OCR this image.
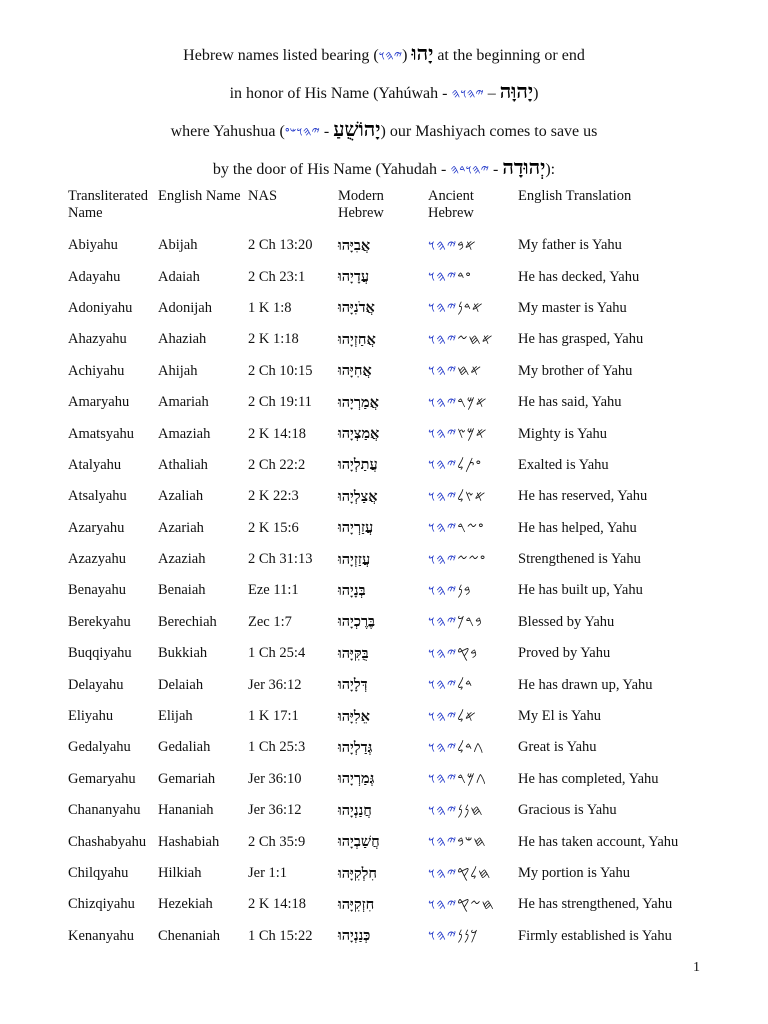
Hebrew names listed bearing יָהוּ (𐤉𐤄𐤅) at the beginning or end
in honor of His Name (Yahúwah - יָהוָּה – 𐤉𐤄𐤅𐤄	)
where Yahushua ( יָהוֹשֻׁעַ - 𐤉𐤄𐤅𐤔𐤏	) our Mashiyach comes to save us
by the door of His Name (Yahudah -	יְהוּדָה - 𐤉𐤄𐤅𐤃𐤄	):
Transliterated Name	English Name	NAS	Modern Hebrew	Ancient Hebrew	English Translation
Abiyahu	Abijah	2 Ch 13:20	אֲבִיָּהוּ	𐤀𐤁𐤉𐤄𐤅	My father is Yahu
Adayahu	Adaiah	2 Ch 23:1	עֲדָיָהוּ	𐤏𐤃𐤉𐤄𐤅	He has decked, Yahu
Adoniyahu	Adonijah	1 K 1:8	אֲדֹנִיָּהוּ	𐤀𐤃𐤍𐤉𐤄𐤅	My master is Yahu
Ahazyahu	Ahaziah	2 K 1:18	אֲחַזְיָהוּ	𐤀𐤇𐤆𐤉𐤄𐤅	He has grasped, Yahu
Achiyahu	Ahijah	2 Ch 10:15	אֲחִיָּהוּ	𐤀𐤇𐤉𐤄𐤅	My brother of Yahu
Amaryahu	Amariah	2 Ch 19:11	אֲמַרְיָהוּ	𐤀𐤌𐤓𐤉𐤄𐤅	He has said, Yahu
Amatsyahu	Amaziah	2 K 14:18	אֲמַצְיָהוּ	𐤀𐤌𐤑𐤉𐤄𐤅	Mighty is Yahu
Atalyahu	Athaliah	2 Ch 22:2	עֲתַלְיָהוּ	𐤏𐤕𐤋𐤉𐤄𐤅	Exalted is Yahu
Atsalyahu	Azaliah	2 K 22:3	אֲצַלְיָהוּ	𐤀𐤑𐤋𐤉𐤄𐤅	He has reserved, Yahu
Azaryahu	Azariah	2 K 15:6	עֲזַרְיָהוּ	𐤏𐤆𐤓𐤉𐤄𐤅	He has helped, Yahu
Azazyahu	Azaziah	2 Ch 31:13	עֲזַזְיָהוּ	𐤏𐤆𐤆𐤉𐤄𐤅	Strengthened is Yahu
Benayahu	Benaiah	Eze 11:1	בְּנָיָהוּ	𐤁𐤍𐤉𐤄𐤅	He has built up, Yahu
Berekyahu	Berechiah	Zec 1:7	בֶּרֶכְיָהוּ	𐤁𐤓𐤊𐤉𐤄𐤅	Blessed by Yahu
Buqqiyahu	Bukkiah	1 Ch 25:4	בֻּקִּיָּהוּ	𐤁𐤒𐤉𐤄𐤅	Proved by Yahu
Delayahu	Delaiah	Jer 36:12	דְּלָיָהוּ	𐤃𐤋𐤉𐤄𐤅	He has drawn up, Yahu
Eliyahu	Elijah	1 K 17:1	אֵלִיָּהוּ	𐤀𐤋𐤉𐤄𐤅	My El is Yahu
Gedalyahu	Gedaliah	1 Ch 25:3	גְּדַלְיָהוּ	𐤂𐤃𐤋𐤉𐤄𐤅	Great is Yahu
Gemaryahu	Gemariah	Jer 36:10	גְּמַרְיָהוּ	𐤂𐤌𐤓𐤉𐤄𐤅	He has completed, Yahu
Chananyahu	Hananiah	Jer 36:12	חֲנַנְיָהוּ	𐤇𐤍𐤍𐤉𐤄𐤅	Gracious is Yahu
Chashabyahu	Hashabiah	2 Ch 35:9	חֲשַׁבְיָהוּ	𐤇𐤔𐤁𐤉𐤄𐤅	He has taken account, Yahu
Chilqyahu	Hilkiah	Jer 1:1	חִלְקִיָּהוּ	𐤇𐤋𐤒𐤉𐤄𐤅	My portion is Yahu
Chizqiyahu	Hezekiah	2 K 14:18	חִזְקִיָּהוּ	𐤇𐤆𐤒𐤉𐤄𐤅	He has strengthened, Yahu
Kenanyahu	Chenaniah	1 Ch 15:22	כְּנַנְיָהוּ	𐤊𐤍𐤍𐤉𐤄𐤅	Firmly established is Yahu
1
